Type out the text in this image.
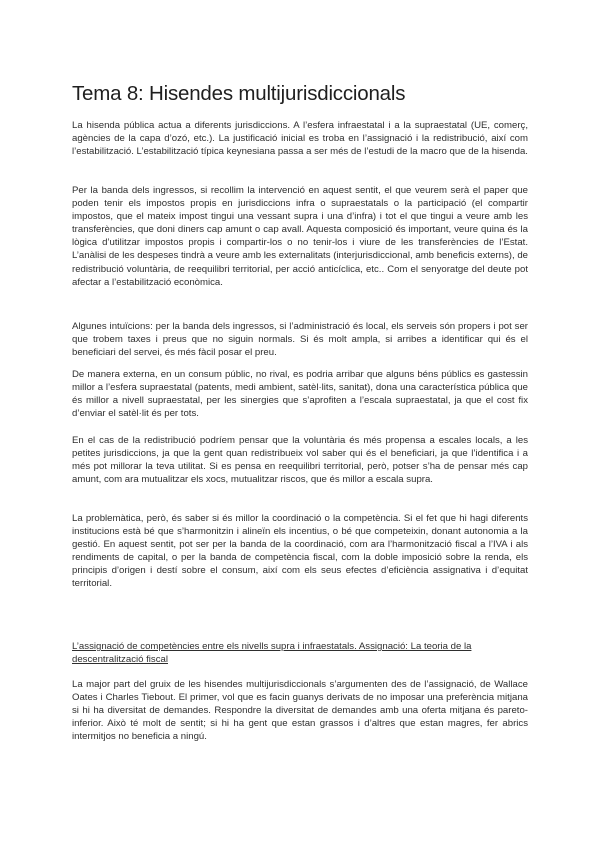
Tema 8: Hisendes multijurisdiccionals

La hisenda pública actua a diferents jurisdiccions. A l’esfera infraestatal i a la supraestatal (UE, comerç, agències de la capa d’ozó, etc.). La justificació inicial es troba en l’assignació i la redistribució, així com l’estabilització. L’estabilització típica keynesiana passa a ser més de l’estudi de la macro que de la hisenda.

Per la banda dels ingressos, si recollim la intervenció en aquest sentit, el que veurem serà el paper que poden tenir els impostos propis en jurisdiccions infra o supraestatals o la participació (el compartir impostos, que el mateix impost tingui una vessant supra i una d’infra) i tot el que tingui a veure amb les transferències, que doni diners cap amunt o cap avall. Aquesta composició és important, veure quina és la lògica d’utilitzar impostos propis i compartir-los o no tenir-los i viure de les transferències de l’Estat. L’anàlisi de les despeses tindrà a veure amb les externalitats (interjurisdiccional, amb beneficis externs), de redistribució voluntària, de reequilibri territorial, per acció anticíclica, etc.. Com el senyoratge del deute pot afectar a l’estabilització econòmica.

Algunes intuïcions: per la banda dels ingressos, si l’administració és local, els serveis són propers i pot ser que trobem taxes i preus que no siguin normals. Si és molt ampla, si arribes a identificar qui és el beneficiari del servei, és més fàcil posar el preu.

De manera externa, en un consum públic, no rival, es podria arribar que alguns béns públics es gastessin millor a l’esfera supraestatal (patents, medi ambient, satèl·lits, sanitat), dona una característica pública que és millor a nivell supraestatal, per les sinergies que s’aprofiten a l’escala supraestatal, ja que el cost fix d’enviar el satèl·lit és per tots.

En el cas de la redistribució podríem pensar que la voluntària és més propensa a escales locals, a les petites jurisdiccions, ja que la gent quan redistribueix vol saber qui és el beneficiari, ja que l’identifica i a més pot millorar la teva utilitat. Si es pensa en reequilibri territorial, però, potser s’ha de pensar més cap amunt, com ara mutualitzar els xocs, mutualitzar riscos, que és millor a escala supra.

La problemàtica, però, és saber si és millor la coordinació o la competència. Si el fet que hi hagi diferents institucions està bé que s’harmonitzin i alineïn els incentius, o bé que competeixin, donant autonomia a la gestió. En aquest sentit, pot ser per la banda de la coordinació, com ara l’harmonització fiscal a l’IVA i als rendiments de capital, o per la banda de competència fiscal, com la doble imposició sobre la renda, els principis d’origen i destí sobre el consum, així com els seus efectes d’eficiència assignativa i d’equitat territorial.

L’assignació de competències entre els nivells supra i infraestatals. Assignació: La teoria de la descentralització fiscal

La major part del gruix de les hisendes multijurisdiccionals s’argumenten des de l’assignació, de Wallace Oates i Charles Tiebout. El primer, vol que es facin guanys derivats de no imposar una preferència mitjana si hi ha diversitat de demandes. Respondre la diversitat de demandes amb una oferta mitjana és pareto-inferior. Això té molt de sentit; si hi ha gent que estan grassos i d’altres que estan magres, fer abrics intermitjos no beneficia a ningú.
